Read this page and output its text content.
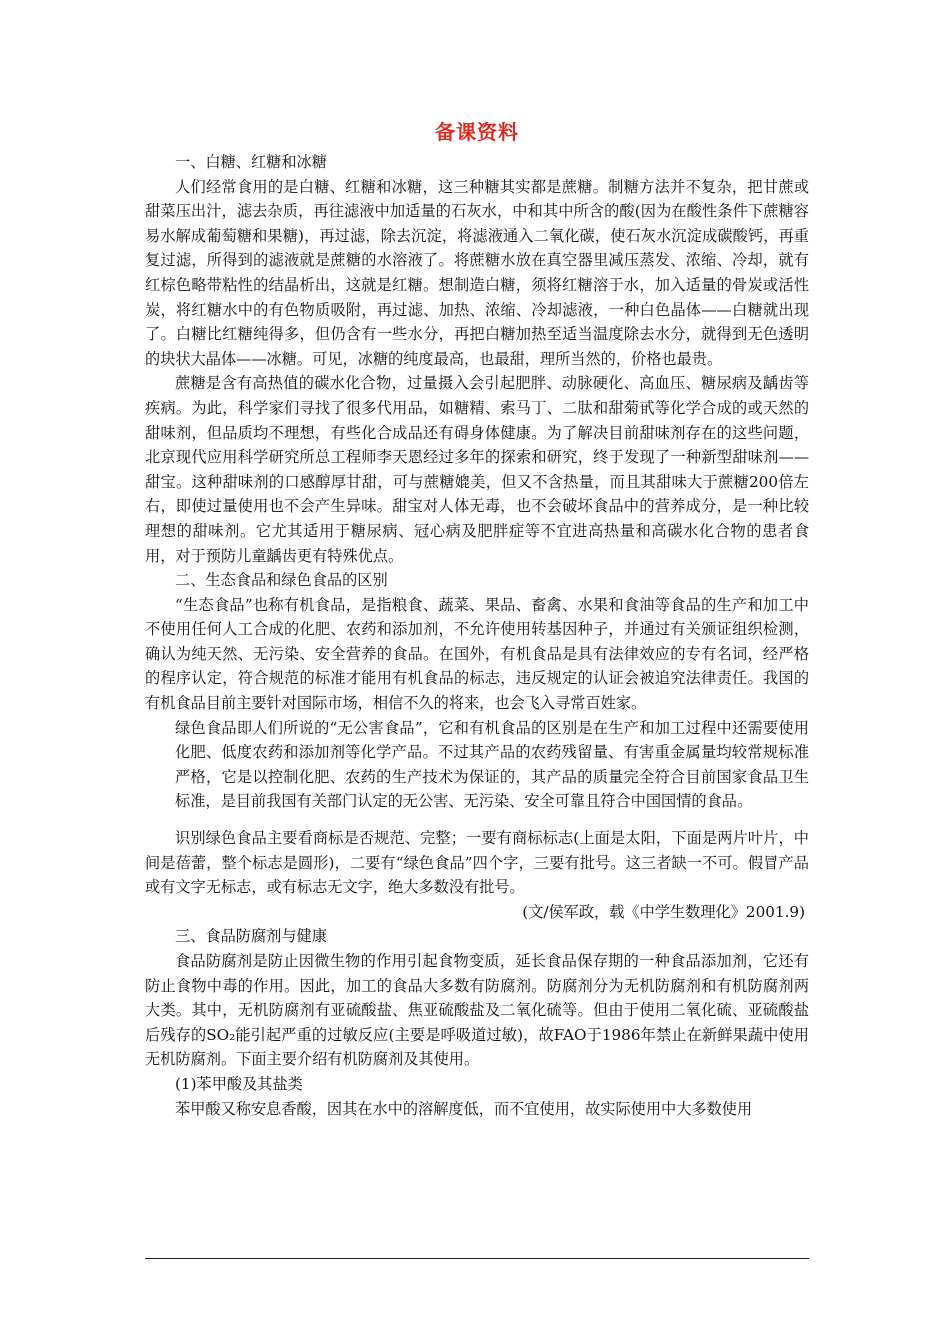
备课资料

一、白糖、红糖和冰糖

人们经常食用的是白糖、红糖和冰糖，这三种糖其实都是蔗糖。制糖方法并不复杂，把甘蔗或甜菜压出汁，滤去杂质，再往滤液中加适量的石灰水，中和其中所含的酸(因为在酸性条件下蔗糖容易水解成葡萄糖和果糖)，再过滤，除去沉淀，将滤液通入二氧化碳，使石灰水沉淀成碳酸钙，再重复过滤，所得到的滤液就是蔗糖的水溶液了。将蔗糖水放在真空器里减压蒸发、浓缩、冷却，就有红棕色略带粘性的结晶析出，这就是红糖。想制造白糖，须将红糖溶于水，加入适量的骨炭或活性炭，将红糖水中的有色物质吸附，再过滤、加热、浓缩、冷却滤液，一种白色晶体——白糖就出现了。白糖比红糖纯得多，但仍含有一些水分，再把白糖加热至适当温度除去水分，就得到无色透明的块状大晶体——冰糖。可见，冰糖的纯度最高，也最甜，理所当然的，价格也最贵。

蔗糖是含有高热值的碳水化合物，过量摄入会引起肥胖、动脉硬化、高血压、糖尿病及龋齿等疾病。为此，科学家们寻找了很多代用品，如糖精、索马丁、二肽和甜菊甙等化学合成的或天然的甜味剂，但品质均不理想，有些化合成品还有碍身体健康。为了解决目前甜味剂存在的这些问题，北京现代应用科学研究所总工程师李天恩经过多年的探索和研究，终于发现了一种新型甜味剂——甜宝。这种甜味剂的口感醇厚甘甜，可与蔗糖媲美，但又不含热量，而且其甜味大于蔗糖200倍左右，即使过量使用也不会产生异味。甜宝对人体无毒，也不会破坏食品中的营养成分，是一种比较理想的甜味剂。它尤其适用于糖尿病、冠心病及肥胖症等不宜进高热量和高碳水化合物的患者食用，对于预防儿童龋齿更有特殊优点。

二、生态食品和绿色食品的区别

“生态食品”也称有机食品，是指粮食、蔬菜、果品、畜禽、水果和食油等食品的生产和加工中不使用任何人工合成的化肥、农药和添加剂，不允许使用转基因种子，并通过有关颁证组织检测，确认为纯天然、无污染、安全营养的食品。在国外，有机食品是具有法律效应的专有名词，经严格的程序认定，符合规范的标准才能用有机食品的标志，违反规定的认证会被追究法律责任。我国的有机食品目前主要针对国际市场，相信不久的将来，也会飞入寻常百姓家。

绿色食品即人们所说的“无公害食品”，它和有机食品的区别是在生产和加工过程中还需要使用化肥、低度农药和添加剂等化学产品。不过其产品的农药残留量、有害重金属量均较常规标准严格，它是以控制化肥、农药的生产技术为保证的，其产品的质量完全符合目前国家食品卫生标准，是目前我国有关部门认定的无公害、无污染、安全可靠且符合中国国情的食品。

识别绿色食品主要看商标是否规范、完整；一要有商标标志(上面是太阳，下面是两片叶片，中间是蓓蕾，整个标志是圆形)，二要有“绿色食品”四个字，三要有批号。这三者缺一不可。假冒产品或有文字无标志，或有标志无文字，绝大多数没有批号。

(文/侯军政，载《中学生数理化》2001.9)

三、食品防腐剂与健康

食品防腐剂是防止因微生物的作用引起食物变质，延长食品保存期的一种食品添加剂，它还有防止食物中毒的作用。因此，加工的食品大多数有防腐剂。防腐剂分为无机防腐剂和有机防腐剂两大类。其中，无机防腐剂有亚硫酸盐、焦亚硫酸盐及二氧化硫等。但由于使用二氧化硫、亚硫酸盐后残存的SO₂能引起严重的过敏反应(主要是呼吸道过敏)，故FAO于1986年禁止在新鲜果蔬中使用无机防腐剂。下面主要介绍有机防腐剂及其使用。

(1)苯甲酸及其盐类

苯甲酸又称安息香酸，因其在水中的溶解度低，而不宜使用，故实际使用中大多数使用
